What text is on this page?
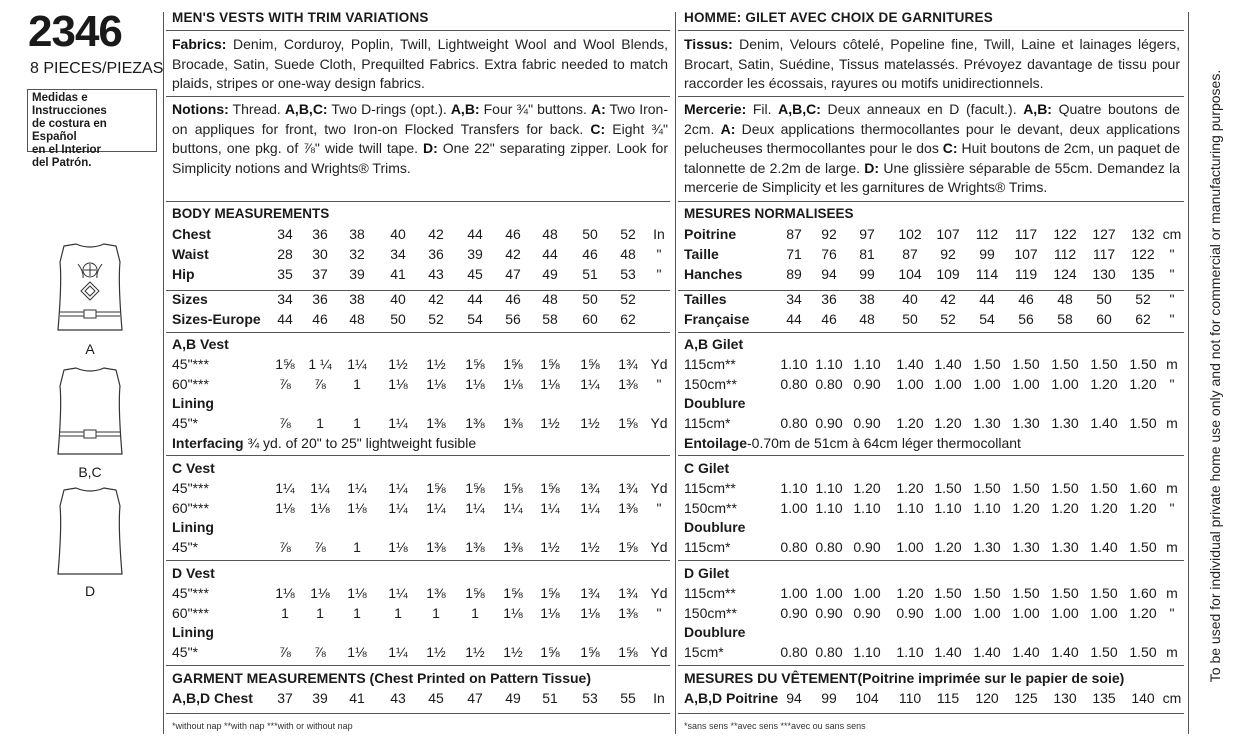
2346
8 PIECES/PIEZAS
Medidas e Instrucciones
de costura en Español
en el Interior
del Patrón.
A
B,C
D
MEN'S VESTS WITH TRIM VARIATIONS
Fabrics: Denim, Corduroy, Poplin, Twill, Lightweight Wool and Wool Blends, Brocade, Satin, Suede Cloth, Prequilted Fabrics. Extra fabric needed to match plaids, stripes or one-way design fabrics.
Notions: Thread. A,B,C: Two D-rings (opt.). A,B: Four ¾" buttons. A: Two Iron-on appliques for front, two Iron-on Flocked Transfers for back. C: Eight ¾" buttons, one pkg. of ⅞" wide twill tape. D: One 22" separating zipper. Look for Simplicity notions and Wrights® Trims.
BODY MEASUREMENTS
Chest	34 36 38 40 42 44 46 48 50 52 In
Waist	28 30 32 34 36 39 42 44 46 48 "
Hip	35 37 39 41 43 45 47 49 51 53 "
Sizes	34 36 38 40 42 44 46 48 50 52
Sizes-Europe 44 46 48 50 52 54 56 58 60 62
A,B Vest
45"***	1⅝ 1 ¼ 1¼ 1½ 1½ 1⅝ 1⅝ 1⅝ 1⅝ 1¾ Yd
60"***	⅞ ⅞ 1 1⅛ 1⅛ 1⅛ 1⅛ 1⅛ 1¼ 1⅜ "
Lining
45"*	⅞ 1 1 1¼ 1⅜ 1⅜ 1⅜ 1½ 1½ 1⅝ Yd
Interfacing ¾ yd. of 20" to 25" lightweight fusible
C Vest
45"***	1¼ 1¼ 1¼ 1¼ 1⅝ 1⅝ 1⅝ 1⅝ 1¾ 1¾ Yd
60"***	1⅛ 1⅛ 1⅛ 1¼ 1¼ 1¼ 1¼ 1¼ 1¼ 1⅜ "
Lining
45"*	⅞ ⅞ 1 1⅛ 1⅜ 1⅜ 1⅜ 1½ 1½ 1⅝ Yd
D Vest
45"***	1⅛ 1⅛ 1⅛ 1¼ 1⅜ 1⅝ 1⅝ 1⅝ 1¾ 1¾ Yd
60"***	1 1 1 1 1 1 1⅛ 1⅛ 1⅛ 1⅜ "
Lining
45"*	⅞ ⅞ 1⅛ 1¼ 1½ 1½ 1½ 1⅝ 1⅝ 1⅝ Yd
GARMENT MEASUREMENTS (Chest Printed on Pattern Tissue)
A,B,D Chest 37 39 41 43 45 47 49 51 53 55 In
HOMME: GILET AVEC CHOIX DE GARNITURES
Tissus: Denim, Velours côtelé, Popeline fine, Twill, Laine et lainages légers, Brocart, Satin, Suédine, Tissus matelassés. Prévoyez davantage de tissu pour raccorder les écossais, rayures ou motifs unidirectionnels.
Mercerie: Fil. A,B,C: Deux anneaux en D (facult.). A,B: Quatre boutons de 2cm. A: Deux applications thermocollantes pour le devant, deux applications pelucheuses thermocollantes pour le dos C: Huit boutons de 2cm, un paquet de talonnette de 2.2m de large. D: Une glissière séparable de 55cm. Demandez la mercerie de Simplicity et les garnitures de Wrights® Trims.
MESURES NORMALISEES
Poitrine	87 92 97 102 107 112 117 122 127 132 cm
Taille	71 76 81 87 92 99 107 112 117 122 "
Hanches	89 94 99 104 109 114 119 124 130 135 "
Tailles	34 36 38 40 42 44 46 48 50 52 "
Française	44 46 48 50 52 54 56 58 60 62 "
A,B Gilet
115cm**	1.10 1.10 1.10 1.40 1.40 1.50 1.50 1.50 1.50 1.50 m
150cm**	0.80 0.80 0.90 1.00 1.00 1.00 1.00 1.00 1.20 1.20 "
Doublure
115cm*	0.80 0.90 0.90 1.20 1.20 1.30 1.30 1.30 1.40 1.50 m
Entoilage-0.70m de 51cm à 64cm léger thermocollant
C Gilet
115cm**	1.10 1.10 1.20 1.20 1.50 1.50 1.50 1.50 1.50 1.60 m
150cm**	1.00 1.10 1.10 1.10 1.10 1.10 1.20 1.20 1.20 1.20 "
Doublure
115cm*	0.80 0.80 0.90 1.00 1.20 1.30 1.30 1.30 1.40 1.50 m
D Gilet
115cm**	1.00 1.00 1.00 1.20 1.50 1.50 1.50 1.50 1.50 1.60 m
150cm**	0.90 0.90 0.90 0.90 1.00 1.00 1.00 1.00 1.00 1.20 "
Doublure
15cm*	0.80 0.80 1.10 1.10 1.40 1.40 1.40 1.40 1.50 1.50 m
MESURES DU VÊTEMENT(Poitrine imprimée sur le papier de soie)
A,B,D Poitrine 94 99 104 110 115 120 125 130 135 140 cm
*without nap **with nap ***with or without nap	*sans sens **avec sens ***avec ou sans sens
To be used for individual private home use only and not for commercial or manufacturing purposes.
